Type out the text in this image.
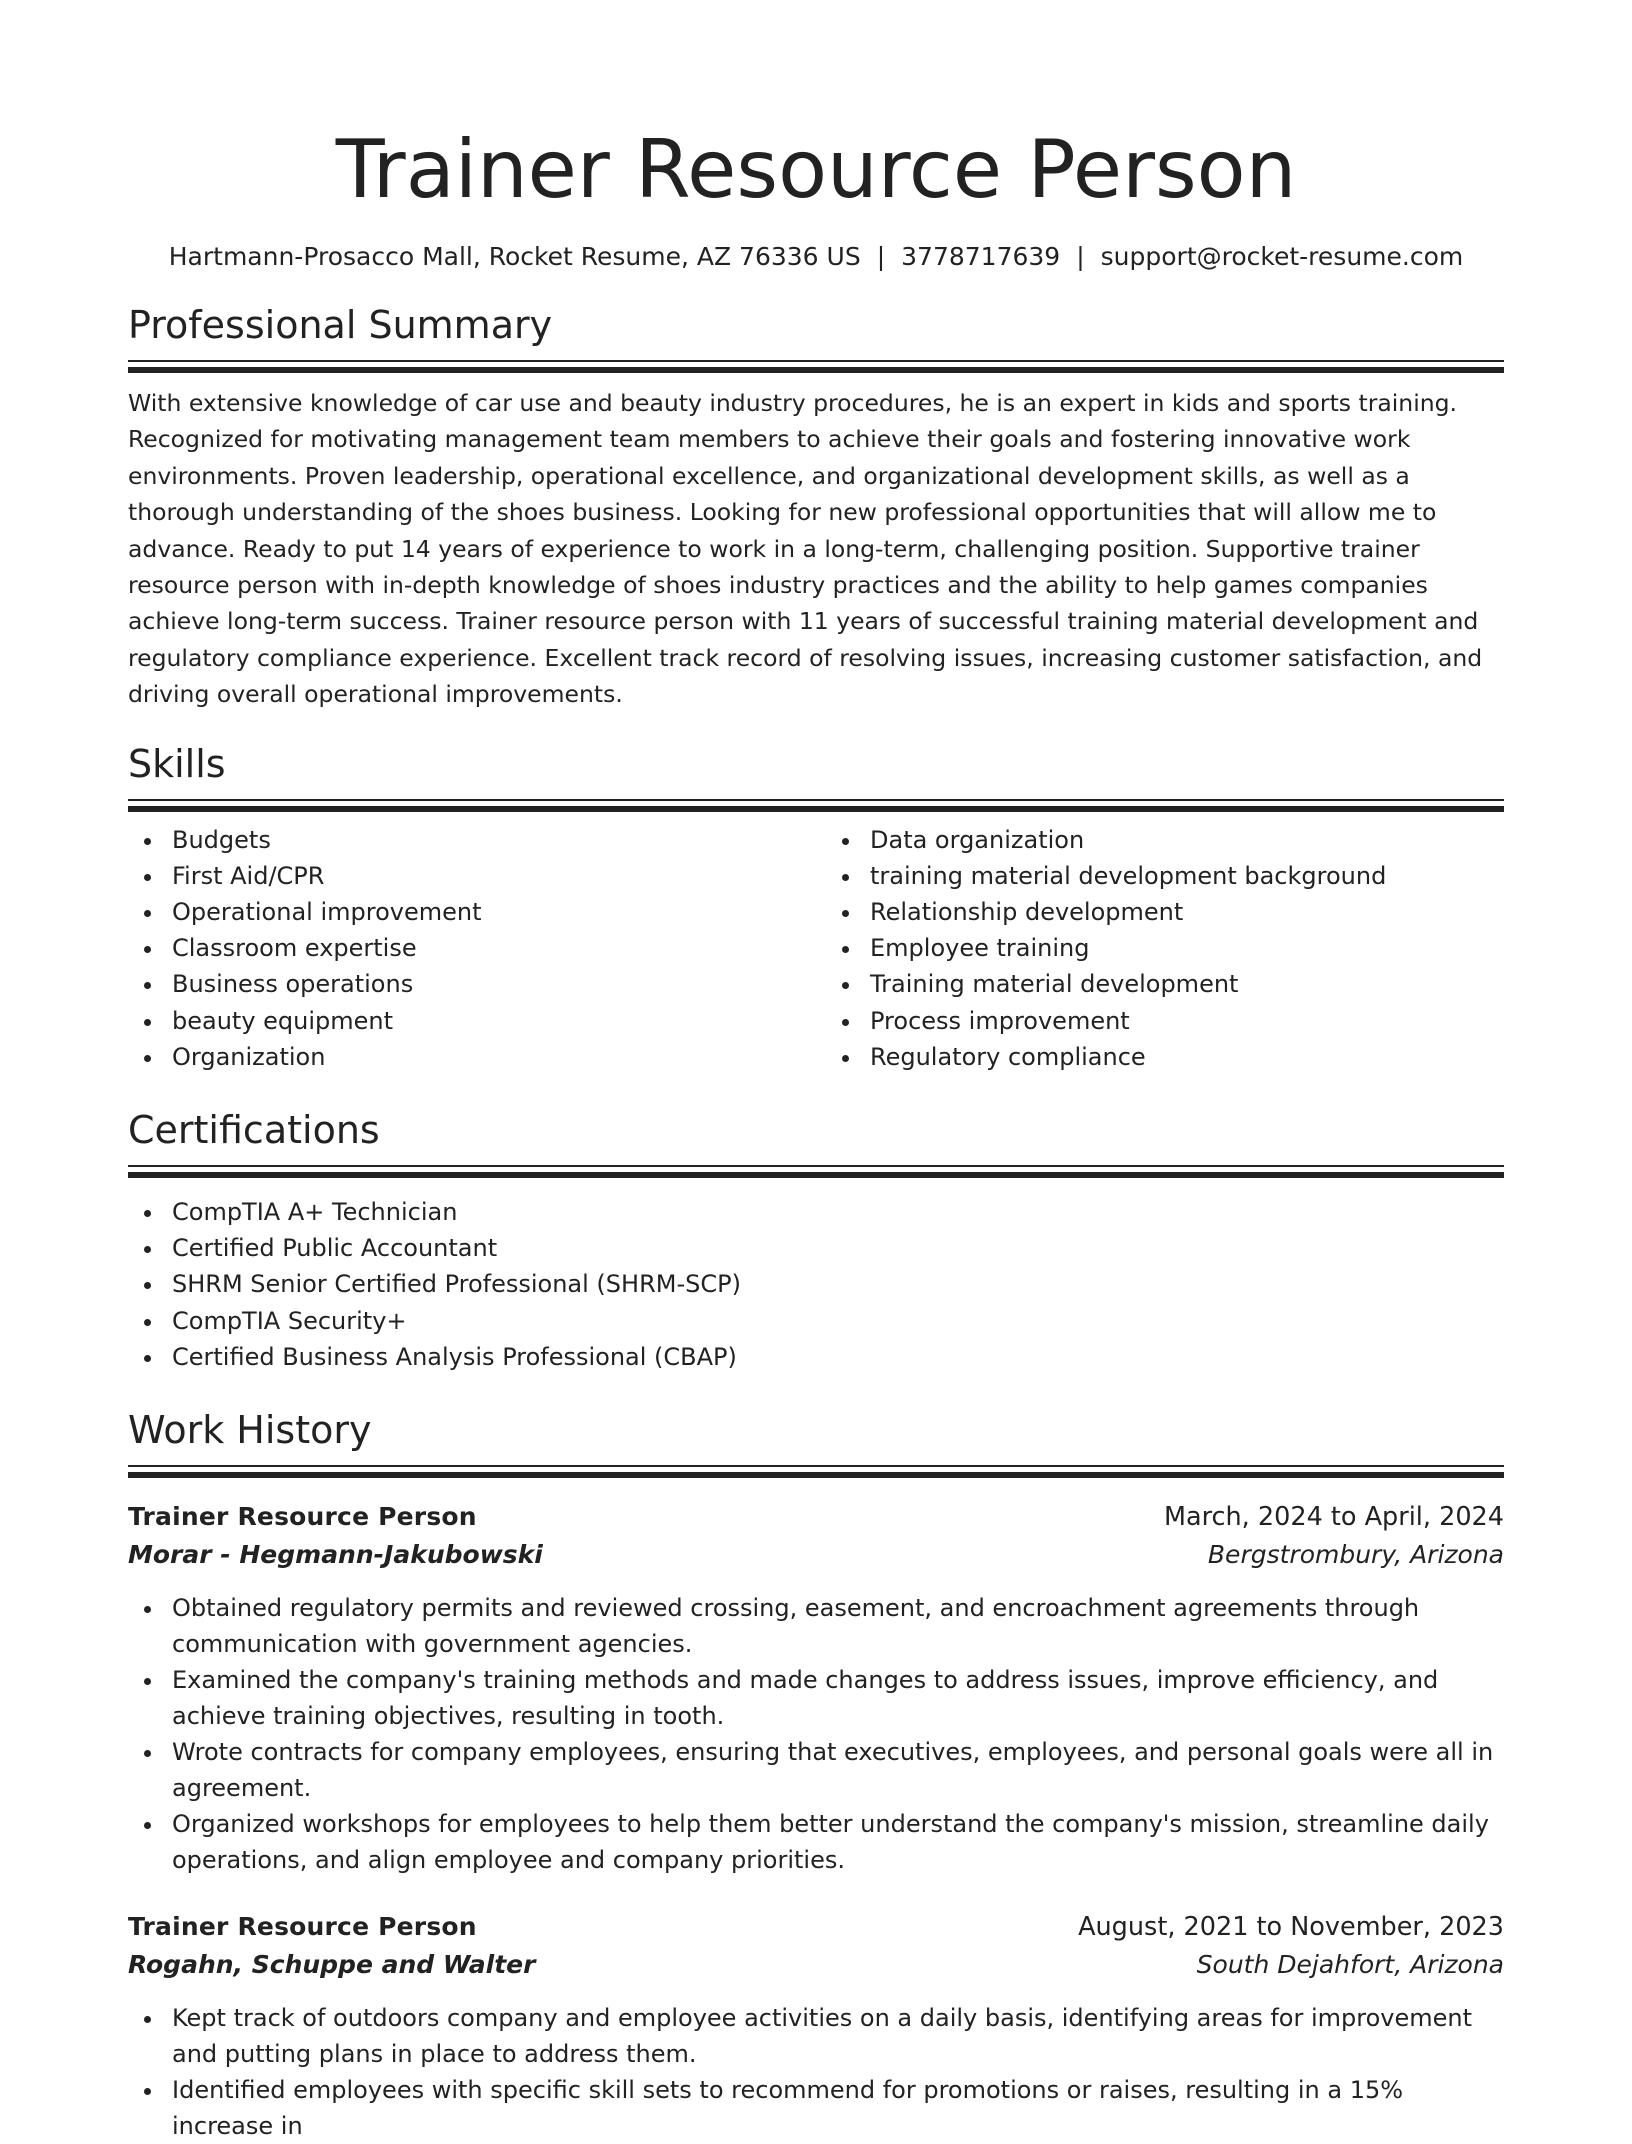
Trainer Resource Person
Hartmann-Prosacco Mall, Rocket Resume, AZ 76336 US | 3778717639 | support@rocket-resume.com
Professional Summary

With extensive knowledge of car use and beauty industry procedures, he is an expert in kids and sports training. Recognized for motivating management team members to achieve their goals and fostering innovative work environments. Proven leadership, operational excellence, and organizational development skills, as well as a thorough understanding of the shoes business. Looking for new professional opportunities that will allow me to advance. Ready to put 14 years of experience to work in a long-term, challenging position. Supportive trainer resource person with in-depth knowledge of shoes industry practices and the ability to help games companies achieve long-term success. Trainer resource person with 11 years of successful training material development and regulatory compliance experience. Excellent track record of resolving issues, increasing customer satisfaction, and driving overall operational improvements.

Skills
Budgets
First Aid/CPR
Operational improvement
Classroom expertise
Business operations
beauty equipment
Organization
Data organization
training material development background
Relationship development
Employee training
Training material development
Process improvement
Regulatory compliance
Certifications
CompTIA A+ Technician
Certified Public Accountant
SHRM Senior Certified Professional (SHRM-SCP)
CompTIA Security+
Certified Business Analysis Professional (CBAP)
Work History
Trainer Resource Person	March, 2024 to April, 2024
Morar - Hegmann-Jakubowski	Bergstrombury, Arizona
Obtained regulatory permits and reviewed crossing, easement, and encroachment agreements through communication with government agencies.
Examined the company's training methods and made changes to address issues, improve efficiency, and achieve training objectives, resulting in tooth.
Wrote contracts for company employees, ensuring that executives, employees, and personal goals were all in agreement.
Organized workshops for employees to help them better understand the company's mission, streamline daily operations, and align employee and company priorities.
Trainer Resource Person	August, 2021 to November, 2023
Rogahn, Schuppe and Walter	South Dejahfort, Arizona
Kept track of outdoors company and employee activities on a daily basis, identifying areas for improvement and putting plans in place to address them.
Identified employees with specific skill sets to recommend for promotions or raises, resulting in a 15% increase in
